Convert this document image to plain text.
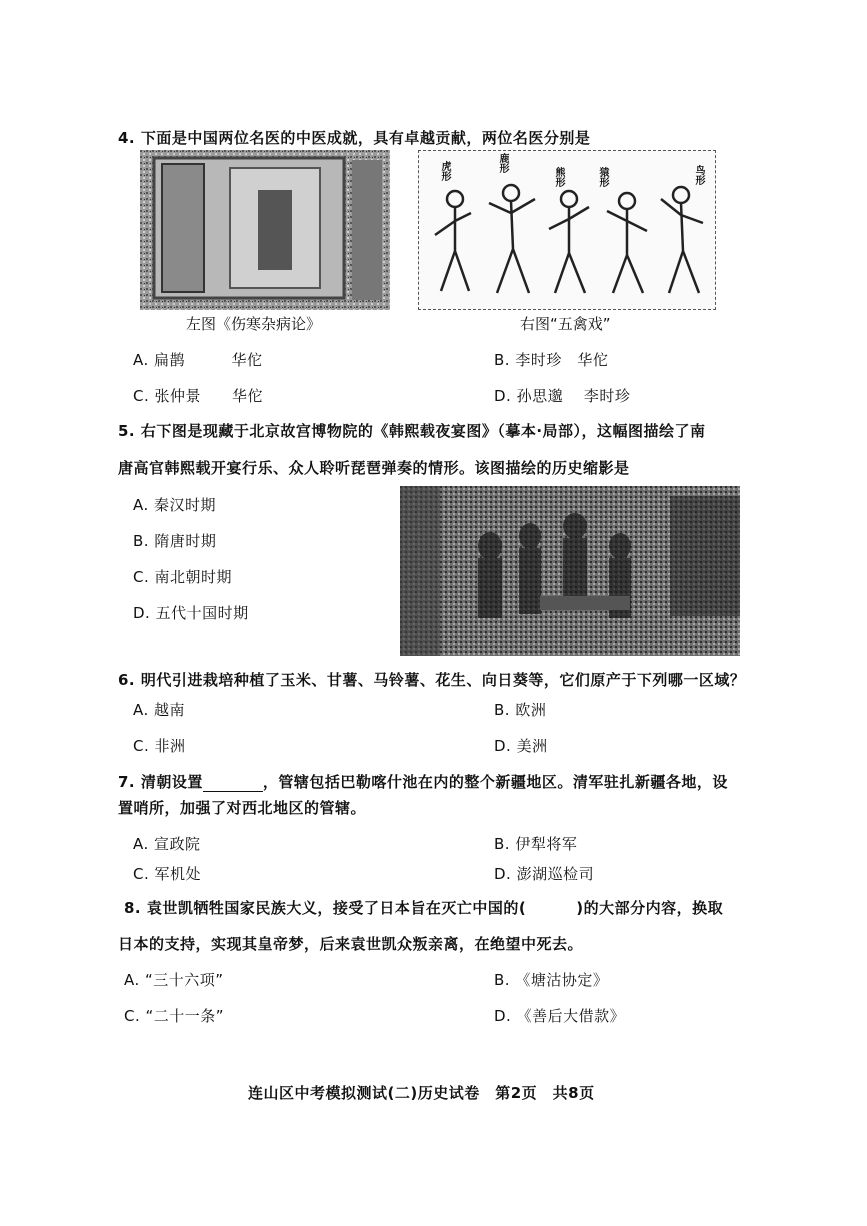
4. 下面是中国两位名医的中医成就，具有卓越贡献，两位名医分别是
虎形	鹿形
熊形	猿形	鸟形
左图《伤寒杂病论》	右图“五禽戏”
A. 扁鹊　　　华佗	B. 李时珍　华佗
C. 张仲景　　华佗	D. 孙思邈　 李时珍
5. 右下图是现藏于北京故宫博物院的《韩熙载夜宴图》（摹本·局部），这幅图描绘了南
唐高官韩熙载开宴行乐、众人聆听琵琶弹奏的情形。该图描绘的历史缩影是
A. 秦汉时期
B. 隋唐时期
C. 南北朝时期
D. 五代十国时期
6. 明代引进栽培种植了玉米、甘薯、马铃薯、花生、向日葵等，它们原产于下列哪一区域？
A. 越南	B. 欧洲
C. 非洲	D. 美洲
7. 清朝设置	，管辖包括巴勒喀什池在内的整个新疆地区。清军驻扎新疆各地，设
置哨所，加强了对西北地区的管辖。
A. 宣政院	B. 伊犁将军
C. 军机处	D. 澎湖巡检司
8. 袁世凯牺牲国家民族大义，接受了日本旨在灭亡中国的(	)的大部分内容，换取
日本的支持，实现其皇帝梦，后来袁世凯众叛亲离，在绝望中死去。
A. “三十六项”	B. 《塘沽协定》
C. “二十一条”	D. 《善后大借款》
连山区中考模拟测试(二)历史试卷　第2页　共8页
